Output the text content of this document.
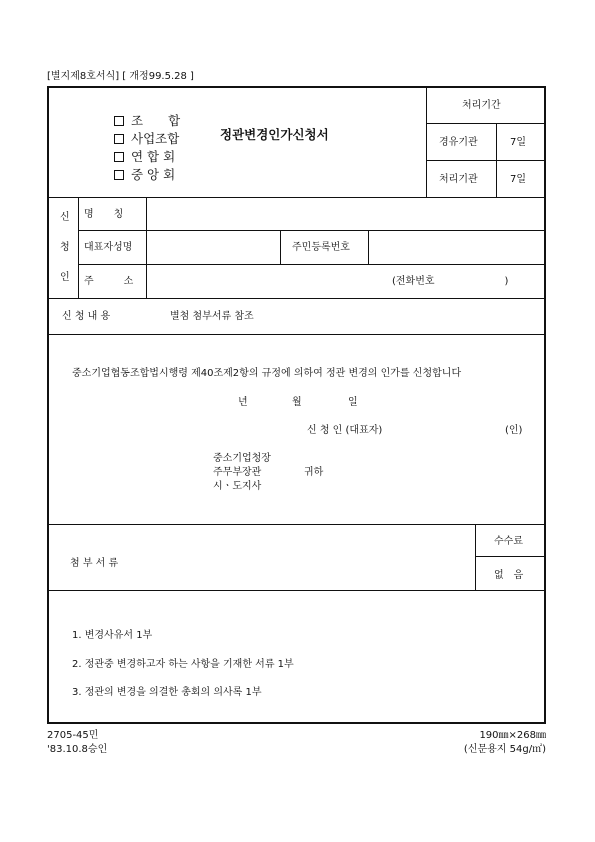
[별지제8호서식] [ 개정99.5.28 ]
조　　합
사업조합
연 합 회
중 앙 회
정관변경인가신청서
처리기간
경유기관	7일
처리기관	7일
신
청
인
명　　칭
대표자성명	주민등록번호
주　　　소	(전화번호　　　　　　　)
신 청 내 용	별첨 첨부서류 참조
중소기업협동조합법시행령 제40조제2항의 규정에 의하여 정관 변경의 인가를 신청합니다
년	월	일
신 청 인 (대표자)	(인)
중소기업청장
주무부장관
시ㆍ도지사
귀하
첨 부 서 류
수수료
없　음
1. 변경사유서 1부
2. 정관중 변경하고자 하는 사항을 기재한 서류 1부
3. 정관의 변경을 의결한 총회의 의사록 1부
2705-45민
'83.10.8승인
190㎜×268㎜
(신문용지 54g/㎡)
